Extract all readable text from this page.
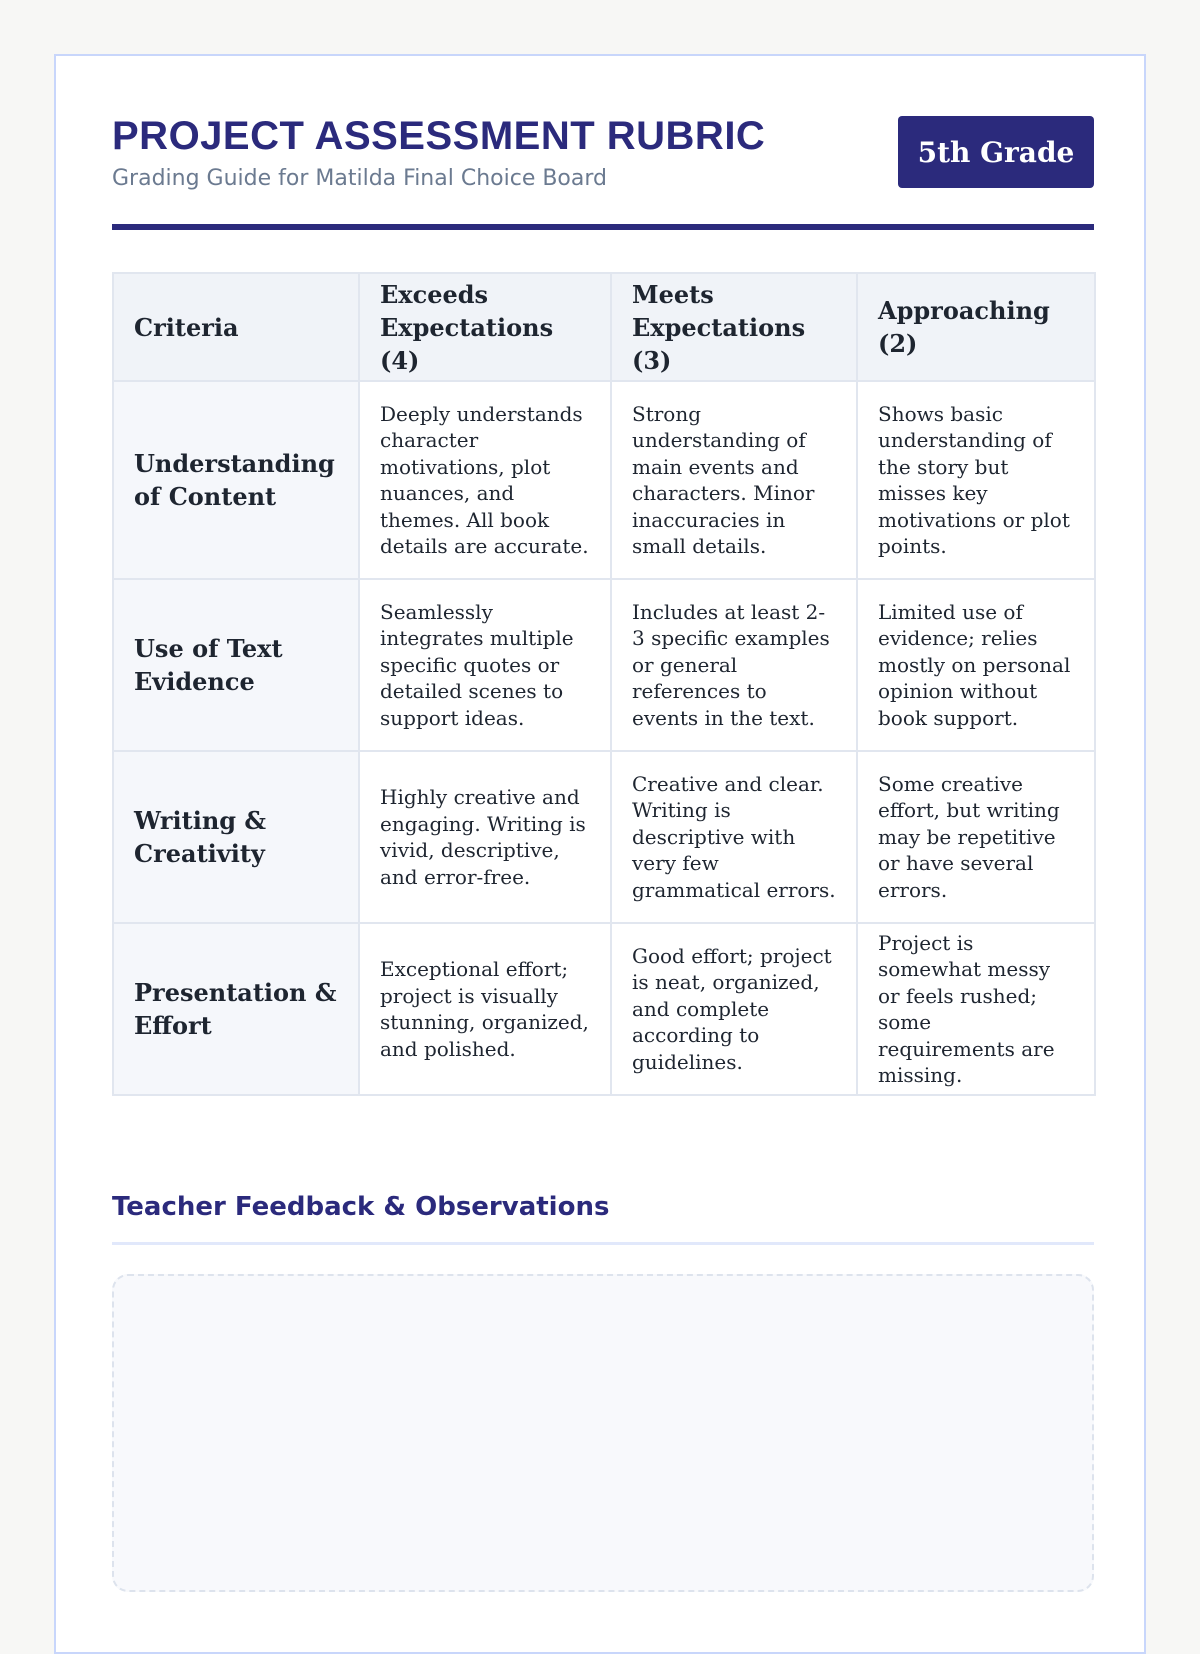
PROJECT ASSESSMENT RUBRIC

Grading Guide for Matilda Final Choice Board

5th Grade
Criteria	Exceeds Expectations (4)	Meets Expectations (3)	Approaching (2)
Understanding of Content	Deeply understands character motivations, plot nuances, and themes. All book details are accurate.	Strong understanding of main events and characters. Minor inaccuracies in small details.	Shows basic understanding of the story but misses key motivations or plot points.
Use of Text Evidence	Seamlessly integrates multiple specific quotes or detailed scenes to support ideas.	Includes at least 2-3 specific examples or general references to events in the text.	Limited use of evidence; relies mostly on personal opinion without book support.
Writing & Creativity	Highly creative and engaging. Writing is vivid, descriptive, and error-free.	Creative and clear. Writing is descriptive with very few grammatical errors.	Some creative effort, but writing may be repetitive or have several errors.
Presentation & Effort	Exceptional effort; project is visually stunning, organized, and polished.	Good effort; project is neat, organized, and complete according to guidelines.	Project is somewhat messy or feels rushed; some requirements are missing.
Teacher Feedback & Observations
